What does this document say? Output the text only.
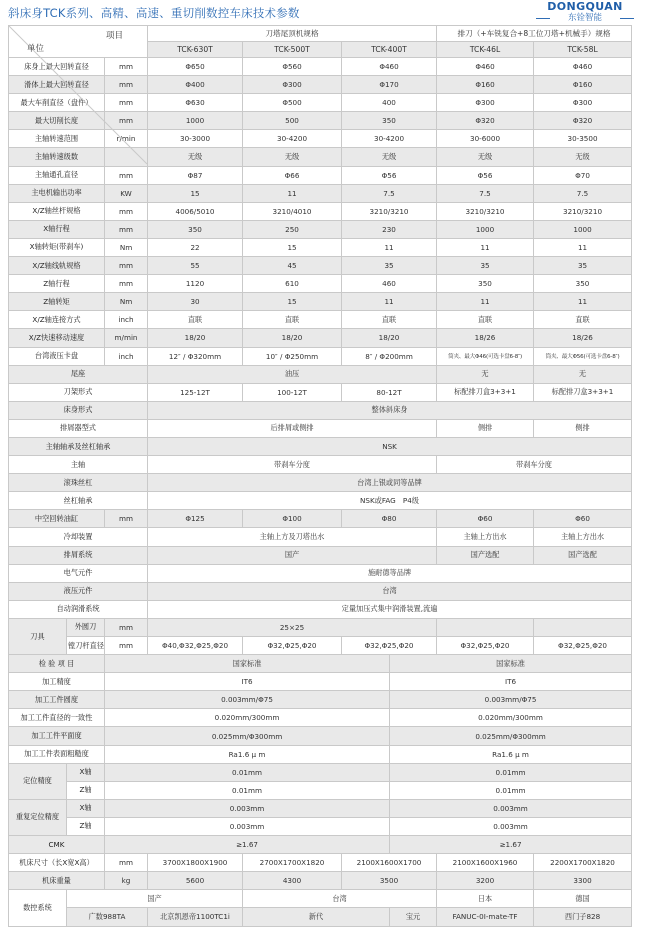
斜床身TCK系列、高精、高速、重切削数控车床技术参数	DONGQUAN
东铨智能
项目
单位			刀塔尾顶机规格				排刀（+车铣复合+8工位刀塔+机械手）规格	
			TCK-630T	TCK-500T	TCK-400T		TCK-46L	TCK-58L
床身上最大回转直径		mm	Φ650	Φ560	Φ460		Φ460	Φ460
滑体上最大回转直径		mm	Φ400	Φ300	Φ170		Φ160	Φ160
最大车削直径（盘件）		mm	Φ630	Φ500	400		Φ300	Φ300
最大切削长度		mm	1000	500	350		Φ320	Φ320
主轴转速范围		r/min	30-3000	30-4200	30-4200		30-6000	30-3500
主轴转速级数			无级	无级	无级		无级	无级
主轴通孔直径		mm	Φ87	Φ66	Φ56		Φ56	Φ70
主电机输出功率		KW	15	11	7.5		7.5	7.5
X/Z轴丝杆规格		mm	4006/5010	3210/4010	3210/3210		3210/3210	3210/3210
X轴行程		mm	350	250	230		1000	1000
X轴转矩(带刹车)		Nm	22	15	11		11	11
X/Z轴线轨规格		mm	55	45	35		35	35
Z轴行程		mm	1120	610	460		350	350
Z轴转矩		Nm	30	15	11		11	11
X/Z轴连接方式		inch	直联	直联	直联		直联	直联
X/Z快速移动速度		m/min	18/20	18/20	18/20		18/26	18/26
台湾液压卡盘		inch	12″ / Φ320mm	10″ / Φ250mm	8″ / Φ200mm		筒夹、最大Φ46(可选卡盘6-8″)	筒夹、最大Φ56(可选卡盘6-8″)
尾座			油压				无	无
刀架形式			125-12T	100-12T	80-12T		标配排刀盒3+3+1	标配排刀盒3+3+1
床身形式			整体斜床身					
排屑器型式			后排屑或侧排				侧排	侧排
主轴轴承及丝杠轴承			NSK					
主轴			带刹车分度				带刹车分度	
滚珠丝杠			台湾上银或同等品牌					
丝杠轴承			NSK或FAG　P4级					
中空回转油缸		mm	Φ125	Φ100	Φ80		Φ60	Φ60
冷却装置			主轴上方及刀塔出水				主轴上方出水	主轴上方出水
排屑系统			国产				国产选配	国产选配
电气元件			施耐德等品牌					
液压元件			台湾					
自动润滑系统			定量加压式集中润滑装置,流遍					
刀具	外圆刀	mm	25×25					
	镗刀杆直径	mm	Φ40,Φ32,Φ25,Φ20	Φ32,Φ25,Φ20	Φ32,Φ25,Φ20		Φ32,Φ25,Φ20	Φ32,Φ25,Φ20
检 验 项 目		国家标准				国家标准		
加工精度		IT6				IT6		
加工工件圆度		0.003mm/Φ75				0.003mm/Φ75		
加工工件直径的一致性		0.020mm/300mm				0.020mm/300mm		
加工工件平面度		0.025mm/Φ300mm				0.025mm/Φ300mm		
加工工件表面粗糙度		Ra1.6 μ m				Ra1.6 μ m		
定位精度	X轴	0.01mm				0.01mm		
	Z轴	0.01mm				0.01mm		
重复定位精度	X轴	0.003mm				0.003mm		
	Z轴	0.003mm				0.003mm		
CMK		≥1.67				≥1.67		
机床尺寸（长X宽X高）		mm	3700X1800X1900	2700X1700X1820	2100X1600X1700		2100X1600X1960	2200X1700X1820
机床重量		kg	5600	4300	3500		3200	3300
数控系统	国产			台湾			日本	德国
	广数988TA		北京凯恩帝1100TC1i	新代		宝元	FANUC-0I-mate-TF	西门子828
